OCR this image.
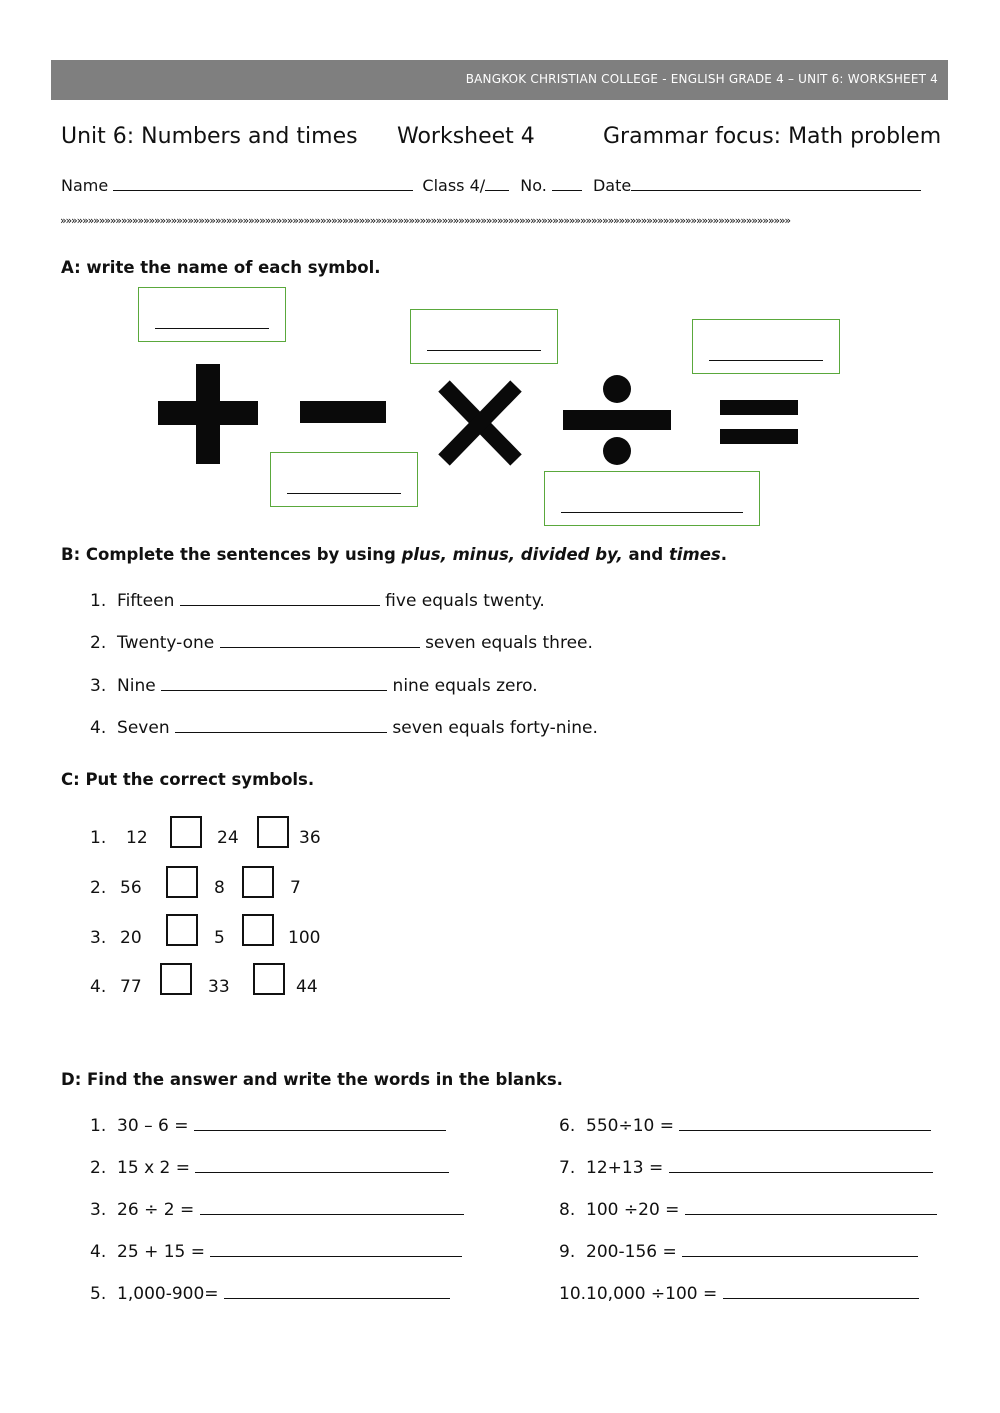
BANGKOK CHRISTIAN COLLEGE - ENGLISH GRADE 4 – UNIT 6: WORKSHEET 4
Unit 6: Numbers and times Worksheet 4	Grammar focus: Math problem
Name	Class 4/ No.	Date
»»»»»»»»»»»»»»»»»»»»»»»»»»»»»»»»»»»»»»»»»»»»»»»»»»»»»»»»»»»»»»»»»»»»»»»»»»»»»»»»»»»»»»»»»»»»»»»»»»»»»»»»»»»»»»»»»»»»»»»»»»»»»»»»»»»»
A: write the name of each symbol.
B: Complete the sentences by using plus, minus, divided by, and times.
1. Fifteen	five equals twenty.
2. Twenty-one	seven equals three.
3. Nine	nine equals zero.
4. Seven	seven equals forty-nine.
C: Put the correct symbols.
1. 12	24	36
2. 56	8	7
3. 20	5	100
4. 77	33	44
D: Find the answer and write the words in the blanks.
1. 30 – 6 =
2. 15 x 2 =
3. 26 ÷ 2 =
4. 25 + 15 =
5. 1,000-900=
6. 550÷10 =
7. 12+13 =
8. 100 ÷20 =
9. 200-156 =
10.10,000 ÷100 =
